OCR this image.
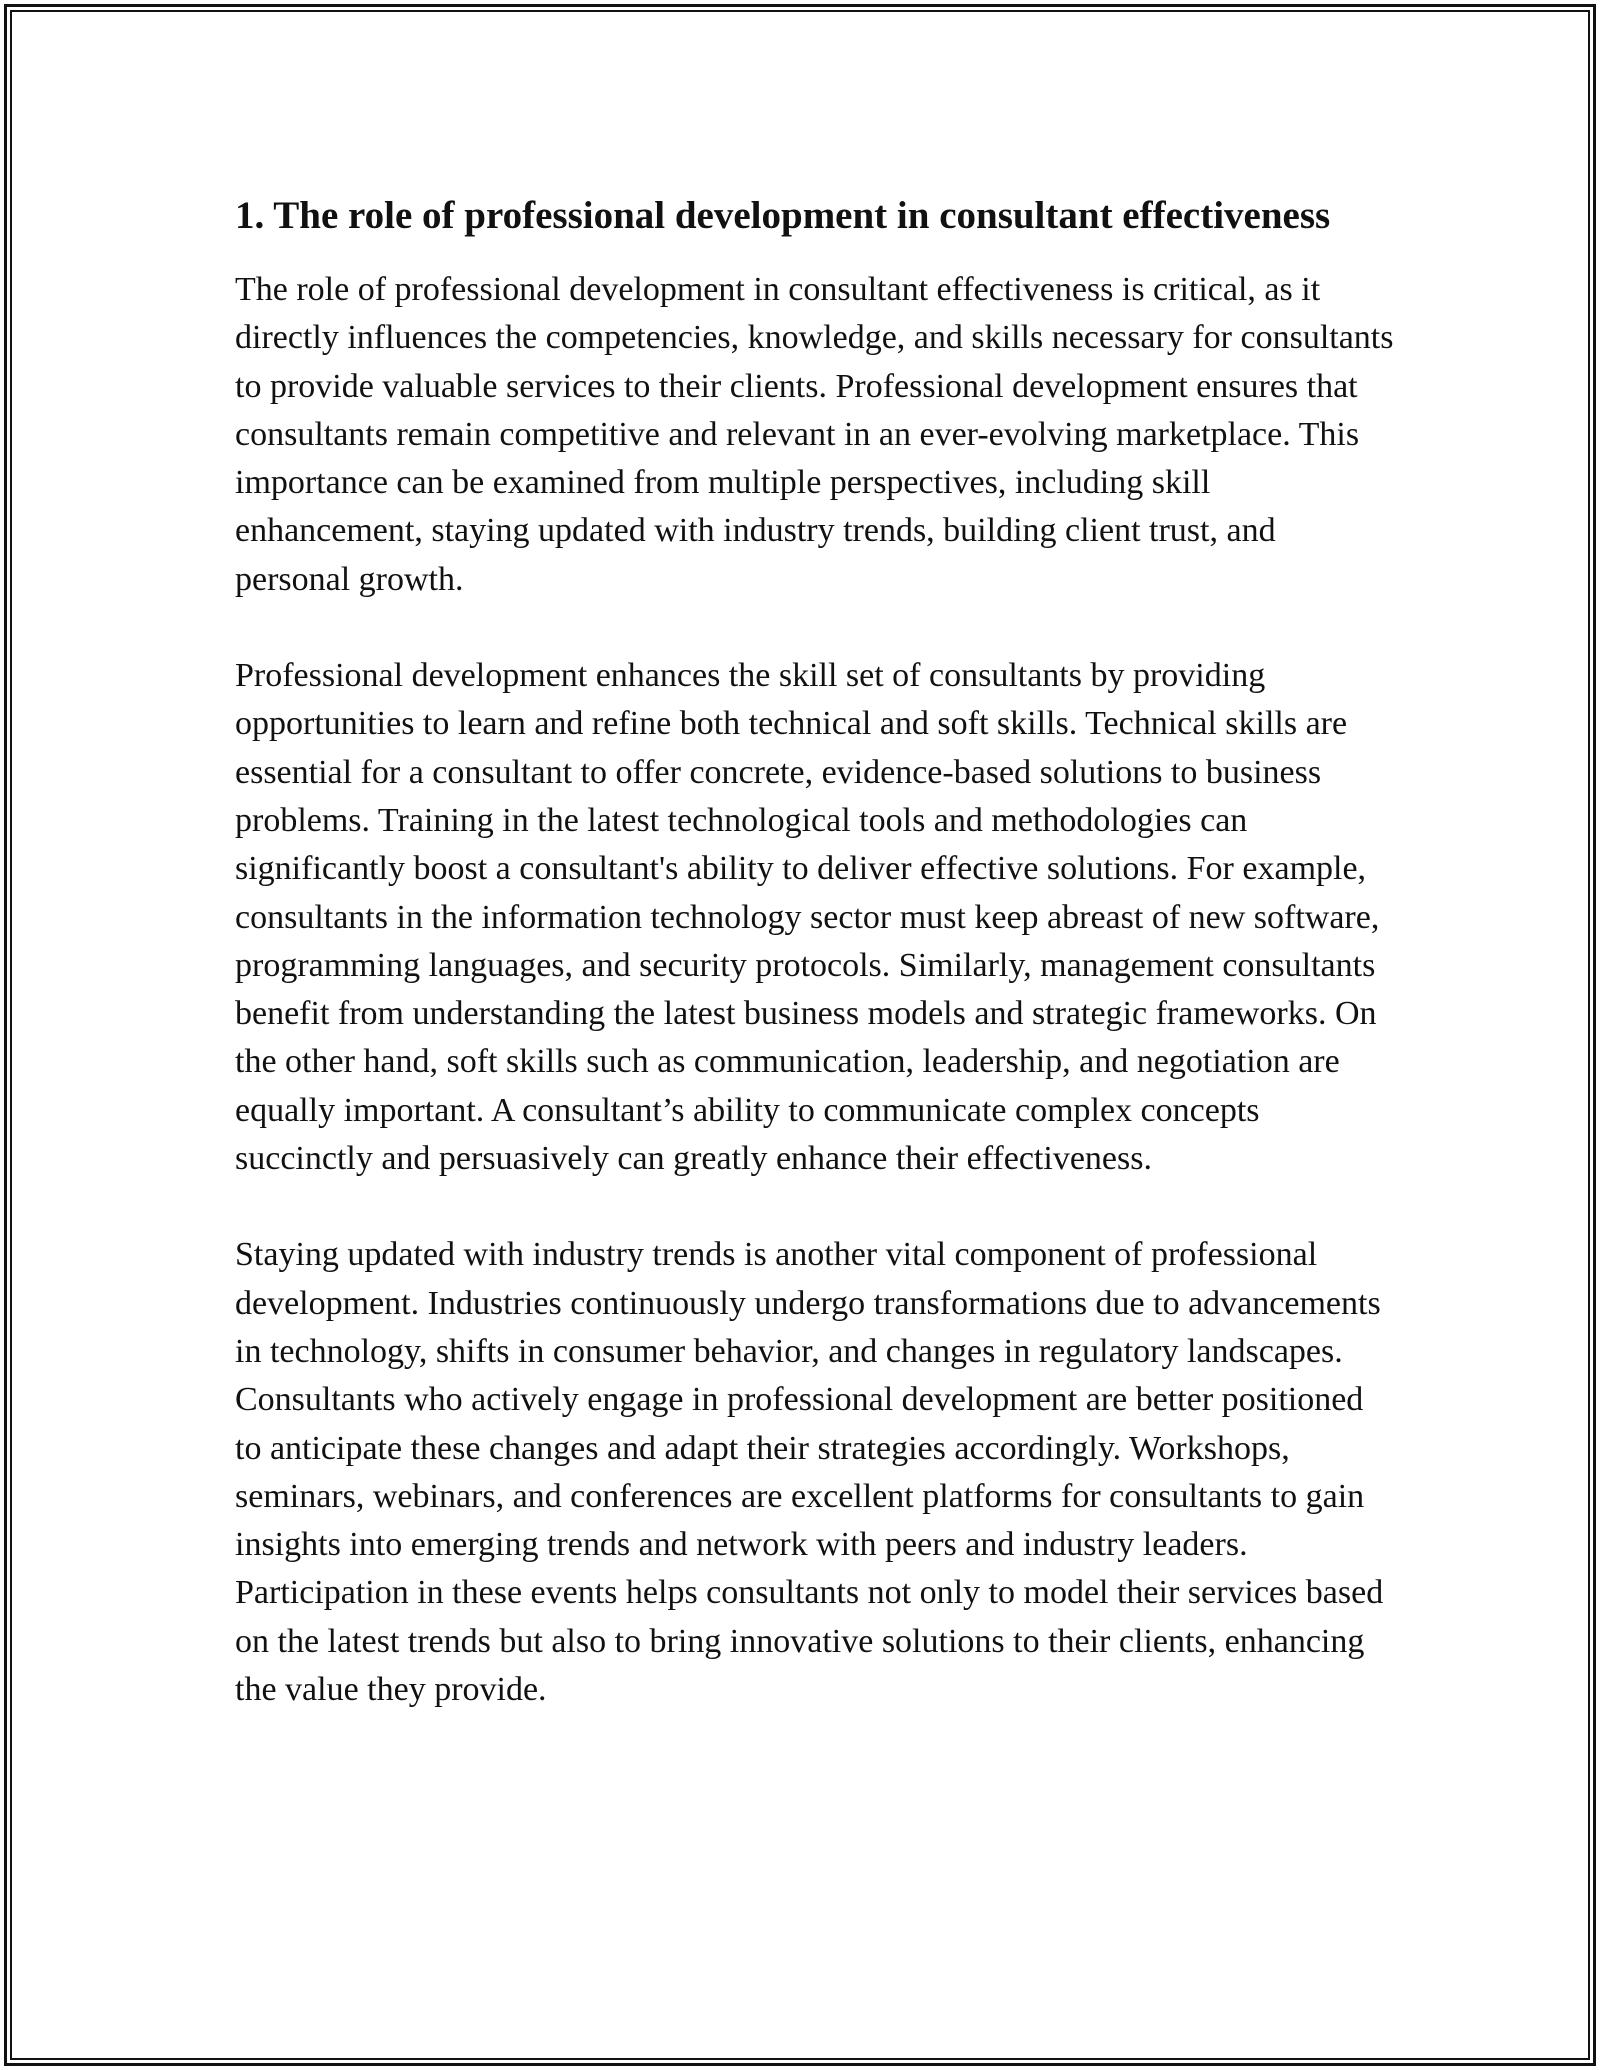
1. The role of professional development in consultant effectiveness

The role of professional development in consultant effectiveness is critical, as it directly influences the competencies, knowledge, and skills necessary for consultants to provide valuable services to their clients. Professional development ensures that consultants remain competitive and relevant in an ever-evolving marketplace. This importance can be examined from multiple perspectives, including skill enhancement, staying updated with industry trends, building client trust, and personal growth.

Professional development enhances the skill set of consultants by providing opportunities to learn and refine both technical and soft skills. Technical skills are essential for a consultant to offer concrete, evidence-based solutions to business problems. Training in the latest technological tools and methodologies can significantly boost a consultant's ability to deliver effective solutions. For example, consultants in the information technology sector must keep abreast of new software, programming languages, and security protocols. Similarly, management consultants benefit from understanding the latest business models and strategic frameworks. On the other hand, soft skills such as communication, leadership, and negotiation are equally important. A consultant’s ability to communicate complex concepts succinctly and persuasively can greatly enhance their effectiveness.

Staying updated with industry trends is another vital component of professional development. Industries continuously undergo transformations due to advancements in technology, shifts in consumer behavior, and changes in regulatory landscapes. Consultants who actively engage in professional development are better positioned to anticipate these changes and adapt their strategies accordingly. Workshops, seminars, webinars, and conferences are excellent platforms for consultants to gain insights into emerging trends and network with peers and industry leaders. Participation in these events helps consultants not only to model their services based on the latest trends but also to bring innovative solutions to their clients, enhancing the value they provide.
